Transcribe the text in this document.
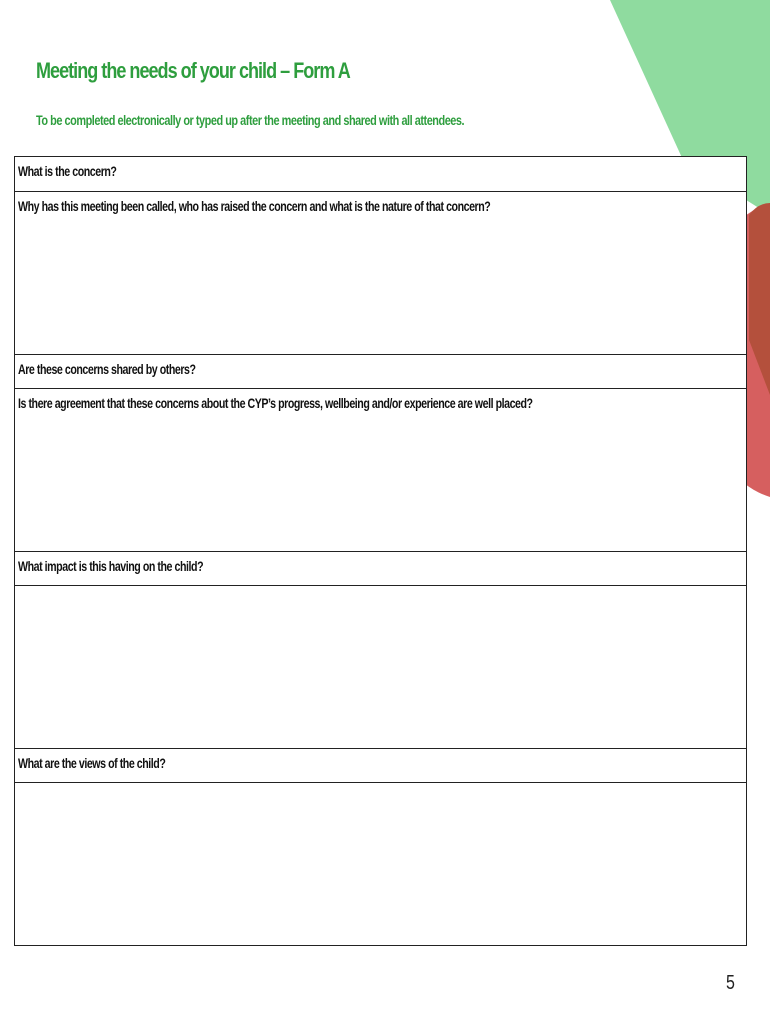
Meeting the needs of your child – Form A

To be completed electronically or typed up after the meeting and shared with all attendees.

What is the concern?
Why has this meeting been called, who has raised the concern and what is the nature of that concern?
Are these concerns shared by others?
Is there agreement that these concerns about the CYP’s progress, wellbeing and/or experience are well placed?
What impact is this having on the child?
What are the views of the child?
5
